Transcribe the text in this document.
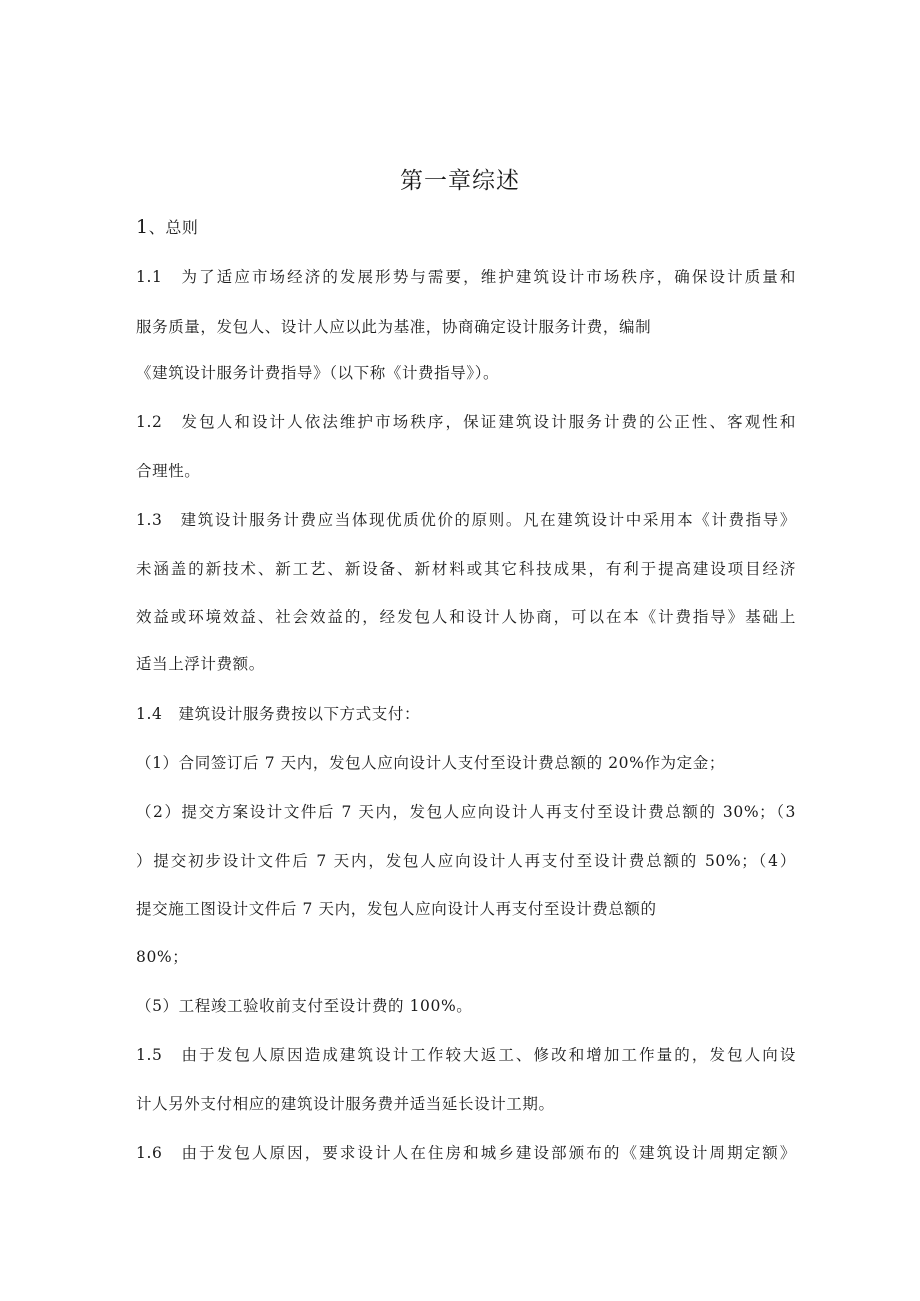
第一章综述
1、总则
1.1　为了适应市场经济的发展形势与需要，维护建筑设计市场秩序，确保设计质量和
服务质量，发包人、设计人应以此为基准，协商确定设计服务计费，编制
《建筑设计服务计费指导》（以下称《计费指导》）。
1.2　发包人和设计人依法维护市场秩序，保证建筑设计服务计费的公正性、客观性和
合理性。
1.3　建筑设计服务计费应当体现优质优价的原则。凡在建筑设计中采用本《计费指导》
未涵盖的新技术、新工艺、新设备、新材料或其它科技成果，有利于提高建设项目经济
效益或环境效益、社会效益的，经发包人和设计人协商，可以在本《计费指导》基础上
适当上浮计费额。
1.4　建筑设计服务费按以下方式支付：
（1）合同签订后 7 天内，发包人应向设计人支付至设计费总额的 20%作为定金；
（2）提交方案设计文件后 7 天内，发包人应向设计人再支付至设计费总额的 30%；（3
）提交初步设计文件后 7 天内，发包人应向设计人再支付至设计费总额的 50%；（4）
提交施工图设计文件后 7 天内，发包人应向设计人再支付至设计费总额的
80%；
（5）工程竣工验收前支付至设计费的 100%。
1.5　由于发包人原因造成建筑设计工作较大返工、修改和增加工作量的，发包人向设
计人另外支付相应的建筑设计服务费并适当延长设计工期。
1.6　由于发包人原因，要求设计人在住房和城乡建设部颁布的《建筑设计周期定额》
